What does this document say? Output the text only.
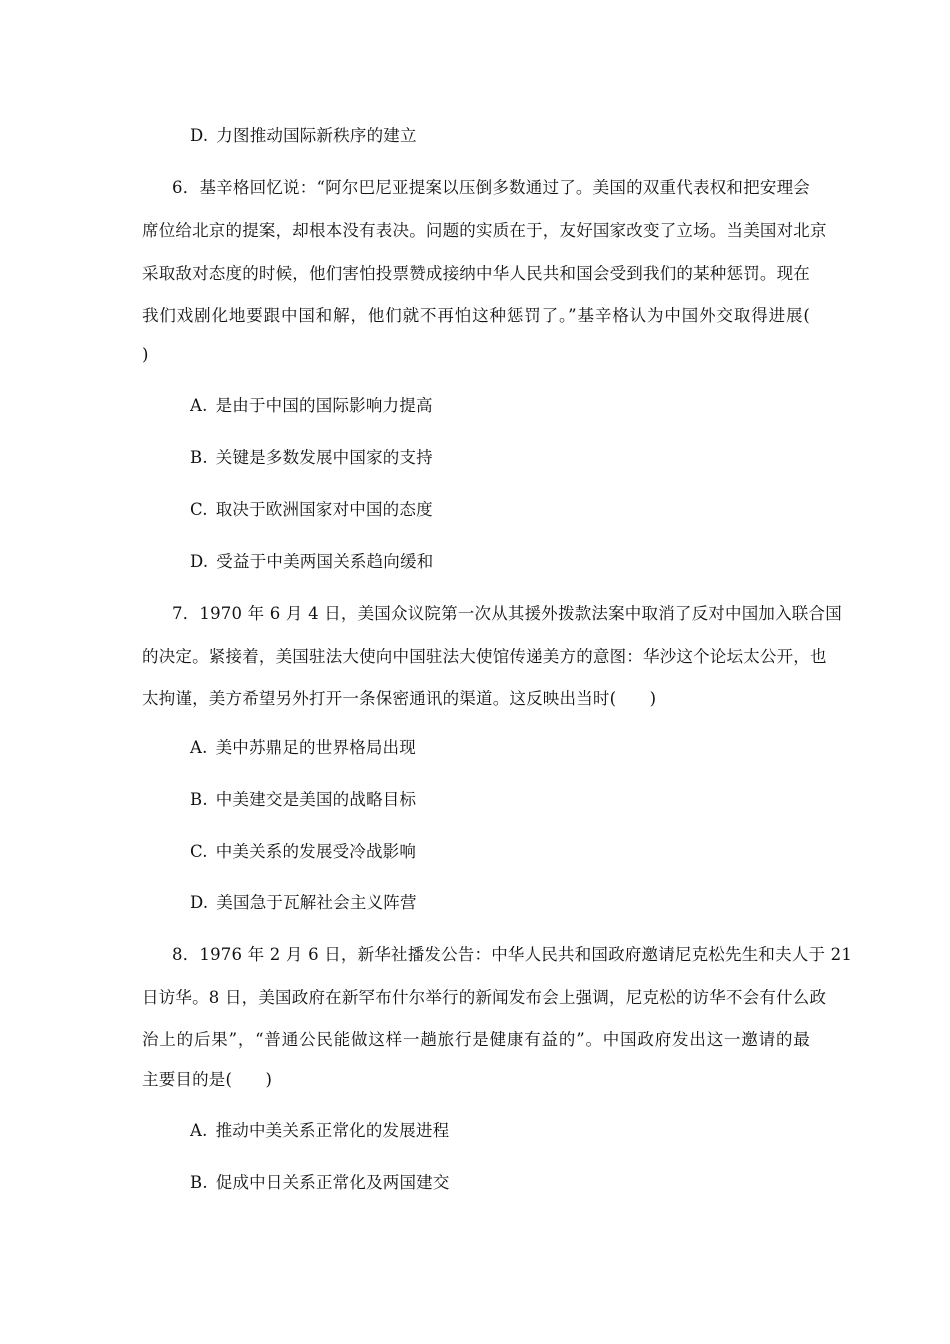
D. 力图推动国际新秩序的建立
6．基辛格回忆说：“阿尔巴尼亚提案以压倒多数通过了。美国的双重代表权和把安理会
席位给北京的提案，却根本没有表决。问题的实质在于，友好国家改变了立场。当美国对北京
采取敌对态度的时候，他们害怕投票赞成接纳中华人民共和国会受到我们的某种惩罚。现在
我们戏剧化地要跟中国和解，他们就不再怕这种惩罚了。”基辛格认为中国外交取得进展(
)
A. 是由于中国的国际影响力提高
B. 关键是多数发展中国家的支持
C. 取决于欧洲国家对中国的态度
D. 受益于中美两国关系趋向缓和
7．1970 年 6 月 4 日，美国众议院第一次从其援外拨款法案中取消了反对中国加入联合国
的决定。紧接着，美国驻法大使向中国驻法大使馆传递美方的意图：华沙这个论坛太公开，也
太拘谨，美方希望另外打开一条保密通讯的渠道。这反映出当时(　　)
A. 美中苏鼎足的世界格局出现
B. 中美建交是美国的战略目标
C. 中美关系的发展受冷战影响
D. 美国急于瓦解社会主义阵营
8．1976 年 2 月 6 日，新华社播发公告：中华人民共和国政府邀请尼克松先生和夫人于 21
日访华。8 日，美国政府在新罕布什尔举行的新闻发布会上强调，尼克松的访华不会有什么政
治上的后果”，“普通公民能做这样一趟旅行是健康有益的”。中国政府发出这一邀请的最
主要目的是(　　)
A. 推动中美关系正常化的发展进程
B. 促成中日关系正常化及两国建交
